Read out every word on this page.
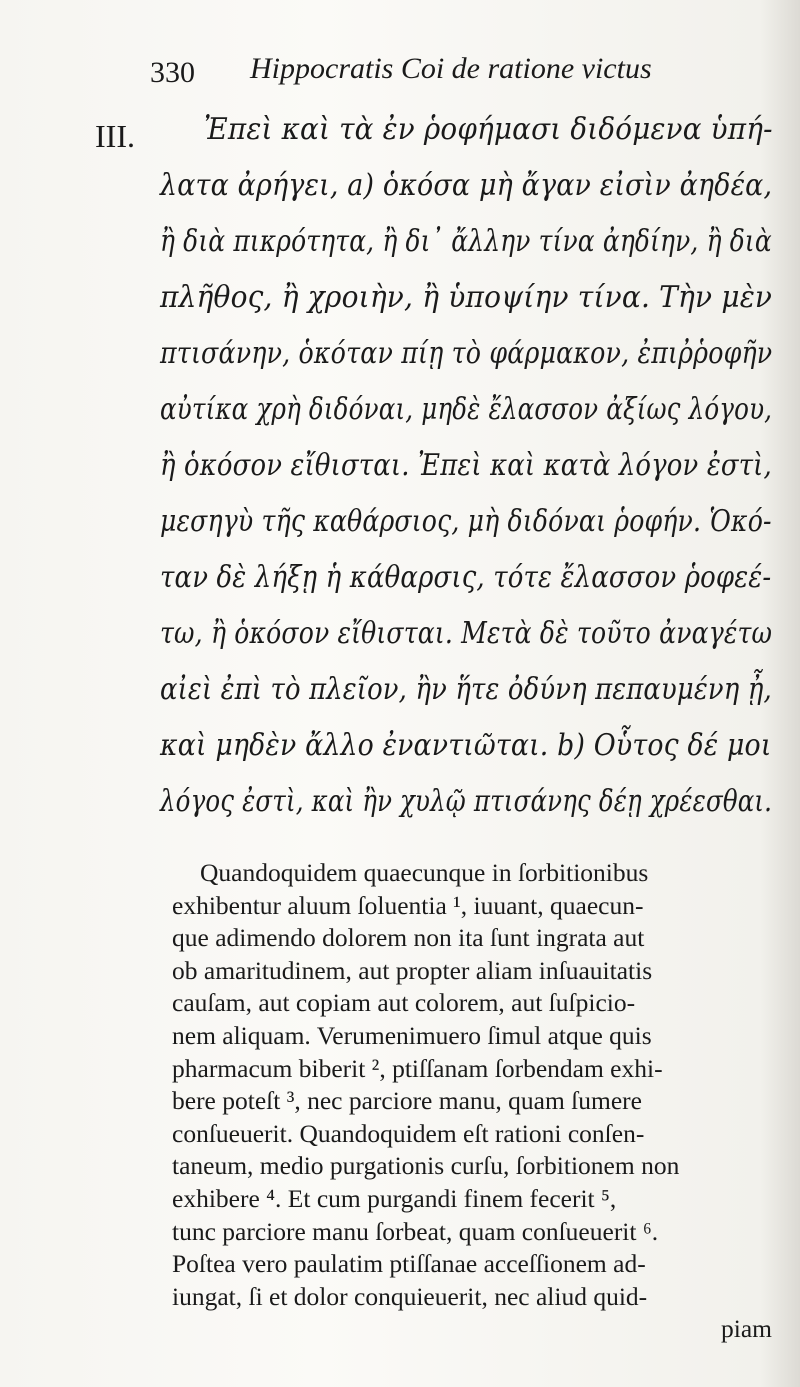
330 Hippocratis Coi de ratione victus
III.	Ἐπεὶ καὶ τὰ ἐν ῥοφήμασι διδόμενα ὑπή-
λατα ἀρήγει, a) ὁκόσα μὴ ἄγαν εἰσὶν ἀηδέα,
ἢ διὰ πικρότητα, ἢ δι᾽ ἄλλην τίνα ἀηδίην, ἢ διὰ
πλῆθος, ἢ χροιὴν, ἢ ὑποψίην τίνα. Τὴν μὲν
πτισάνην, ὁκόταν πίῃ τὸ φάρμακον, ἐπιῤῥοφῆν
αὐτίκα χρὴ διδόναι, μηδὲ ἔλασσον ἀξίως λόγου,
ἢ ὁκόσον εἴθισται. Ἐπεὶ καὶ κατὰ λόγον ἐστὶ,
μεσηγὺ τῆς καθάρσιος, μὴ διδόναι ῥοφήν. Ὁκό-
ταν δὲ λήξῃ ἡ κάθαρσις, τότε ἔλασσον ῥοφεέ-
τω, ἢ ὁκόσον εἴθισται. Μετὰ δὲ τοῦτο ἀναγέτω
αἰεὶ ἐπὶ τὸ πλεῖον, ἢν ἥτε ὀδύνη πεπαυμένη ᾖ,
καὶ μηδὲν ἄλλο ἐναντιῶται. b) Οὗτος δέ μοι
λόγος ἐστὶ, καὶ ἢν χυλῷ πτισάνης δέῃ χρέεσθαι.
Quandoquidem quaecunque in ſorbitionibus
exhibentur aluum ſoluentia ¹, iuuant, quaecun-
que adimendo dolorem non ita ſunt ingrata aut
ob amaritudinem, aut propter aliam inſuauitatis
cauſam, aut copiam aut colorem, aut ſuſpicio-
nem aliquam. Verumenimuero ſimul atque quis
pharmacum biberit ², ptiſſanam ſorbendam exhi-
bere poteſt ³, nec parciore manu, quam ſumere
conſueuerit. Quandoquidem eſt rationi conſen-
taneum, medio purgationis curſu, ſorbitionem non
exhibere ⁴. Et cum purgandi finem fecerit ⁵,
tunc parciore manu ſorbeat, quam conſueuerit ⁶.
Poſtea vero paulatim ptiſſanae acceſſionem ad-
iungat, ſi et dolor conquieuerit, nec aliud quid-
piam
